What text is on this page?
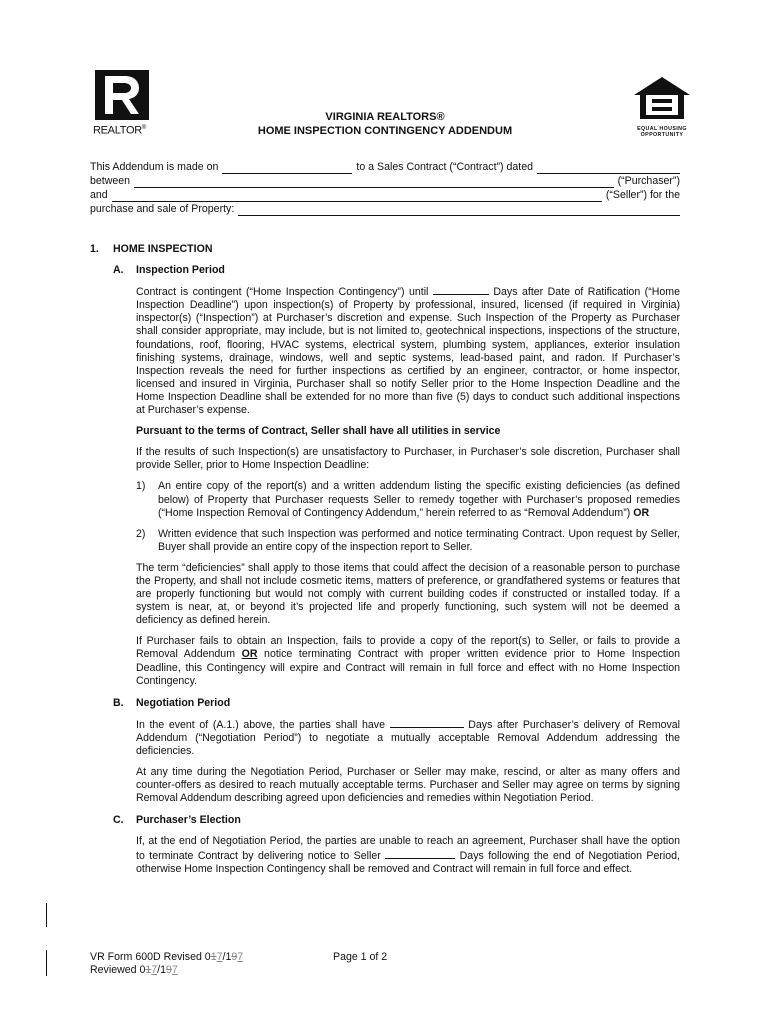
REALTOR®	EQUAL HOUSING
OPPORTUNITY
VIRGINIA REALTORS®
HOME INSPECTION CONTINGENCY ADDENDUM
This Addendum is made on	to a Sales Contract (“Contract”) dated
between	(“Purchaser”)
and	(“Seller”) for the
purchase and sale of Property:
1.	HOME INSPECTION
A.	Inspection Period
Contract is contingent (“Home Inspection Contingency”) until	Days after Date of Ratification (“Home Inspection Deadline”) upon inspection(s) of Property by professional, insured, licensed (if required in Virginia) inspector(s) (“Inspection”) at Purchaser’s discretion and expense. Such Inspection of the Property as Purchaser shall consider appropriate, may include, but is not limited to, geotechnical inspections, inspections of the structure, foundations, roof, flooring, HVAC systems, electrical system, plumbing system, appliances, exterior insulation finishing systems, drainage, windows, well and septic systems, lead-based paint, and radon. If Purchaser’s Inspection reveals the need for further inspections as certified by an engineer, contractor, or home inspector, licensed and insured in Virginia, Purchaser shall so notify Seller prior to the Home Inspection Deadline and the Home Inspection Deadline shall be extended for no more than five (5) days to conduct such additional inspections at Purchaser’s expense.
Pursuant to the terms of Contract, Seller shall have all utilities in service
If the results of such Inspection(s) are unsatisfactory to Purchaser, in Purchaser’s sole discretion, Purchaser shall provide Seller, prior to Home Inspection Deadline:
1)	An entire copy of the report(s) and a written addendum listing the specific existing deficiencies (as defined below) of Property that Purchaser requests Seller to remedy together with Purchaser’s proposed remedies (“Home Inspection Removal of Contingency Addendum,” herein referred to as “Removal Addendum”) OR
2)	Written evidence that such Inspection was performed and notice terminating Contract. Upon request by Seller, Buyer shall provide an entire copy of the inspection report to Seller.
The term “deficiencies” shall apply to those items that could affect the decision of a reasonable person to purchase the Property, and shall not include cosmetic items, matters of preference, or grandfathered systems or features that are properly functioning but would not comply with current building codes if constructed or installed today. If a system is near, at, or beyond it’s projected life and properly functioning, such system will not be deemed a deficiency as defined herein.
If Purchaser fails to obtain an Inspection, fails to provide a copy of the report(s) to Seller, or fails to provide a Removal Addendum OR notice terminating Contract with proper written evidence prior to Home Inspection Deadline, this Contingency will expire and Contract will remain in full force and effect with no Home Inspection Contingency.
B.	Negotiation Period
In the event of (A.1.) above, the parties shall have	Days after Purchaser’s delivery of Removal Addendum (“Negotiation Period”) to negotiate a mutually acceptable Removal Addendum addressing the deficiencies.
At any time during the Negotiation Period, Purchaser or Seller may make, rescind, or alter as many offers and counter-offers as desired to reach mutually acceptable terms. Purchaser and Seller may agree on terms by signing Removal Addendum describing agreed upon deficiencies and remedies within Negotiation Period.
C.	Purchaser’s Election
If, at the end of Negotiation Period, the parties are unable to reach an agreement, Purchaser shall have the option to terminate Contract by delivering notice to Seller	Days following the end of Negotiation Period, otherwise Home Inspection Contingency shall be removed and Contract will remain in full force and effect.
VR Form 600D Revised 017/197	Page 1 of 2
Reviewed 017/197
